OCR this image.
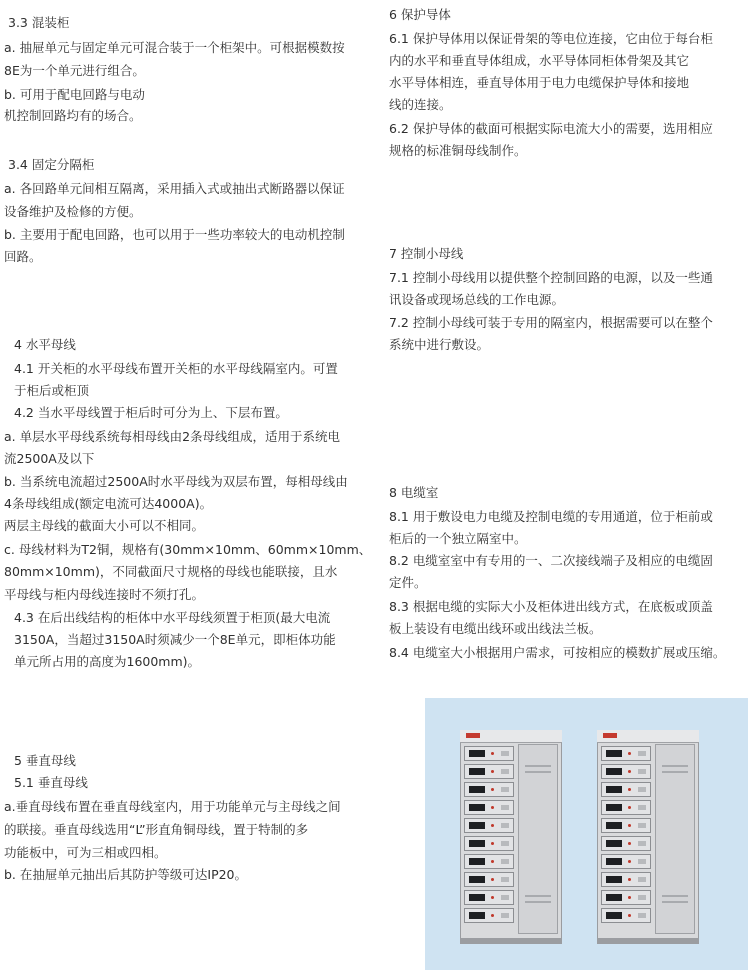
3.3 混装柜
a. 抽屉单元与固定单元可混合装于一个柜架中。可根据模数按
8E为一个单元进行组合。
b. 可用于配电回路与电动
机控制回路均有的场合。
3.4 固定分隔柜
a. 各回路单元间相互隔离，采用插入式或抽出式断路器以保证
设备维护及检修的方便。
b. 主要用于配电回路，也可以用于一些功率较大的电动机控制
回路。
4 水平母线
4.1 开关柜的水平母线布置开关柜的水平母线隔室内。可置
于柜后或柜顶
4.2 当水平母线置于柜后时可分为上、下层布置。
a. 单层水平母线系统每相母线由2条母线组成，适用于系统电
流2500A及以下
b. 当系统电流超过2500A时水平母线为双层布置，每相母线由
4条母线组成(额定电流可达4000A)。
两层主母线的截面大小可以不相同。
c. 母线材料为T2铜，规格有(30mm×10mm、60mm×10mm、
80mm×10mm)，不同截面尺寸规格的母线也能联接，且水
平母线与柜内母线连接时不须打孔。
4.3 在后出线结构的柜体中水平母线须置于柜顶(最大电流
3150A，当超过3150A时须减少一个8E单元，即柜体功能
单元所占用的高度为1600mm)。
5 垂直母线
5.1 垂直母线
a.垂直母线布置在垂直母线室内，用于功能单元与主母线之间
的联接。垂直母线选用“L”形直角铜母线，置于特制的多
功能板中，可为三相或四相。
b. 在抽屉单元抽出后其防护等级可达IP20。
6 保护导体
6.1 保护导体用以保证骨架的等电位连接，它由位于每台柜
内的水平和垂直导体组成，水平导体同柜体骨架及其它
水平导体相连，垂直导体用于电力电缆保护导体和接地
线的连接。
6.2 保护导体的截面可根据实际电流大小的需要，选用相应
规格的标准铜母线制作。
7 控制小母线
7.1 控制小母线用以提供整个控制回路的电源，以及一些通
讯设备或现场总线的工作电源。
7.2 控制小母线可装于专用的隔室内，根据需要可以在整个
系统中进行敷设。
8 电缆室
8.1 用于敷设电力电缆及控制电缆的专用通道，位于柜前或
柜后的一个独立隔室中。
8.2 电缆室室中有专用的一、二次接线端子及相应的电缆固
定件。
8.3 根据电缆的实际大小及柜体进出线方式，在底板或顶盖
板上装设有电缆出线环或出线法兰板。
8.4 电缆室大小根据用户需求，可按相应的模数扩展或压缩。
